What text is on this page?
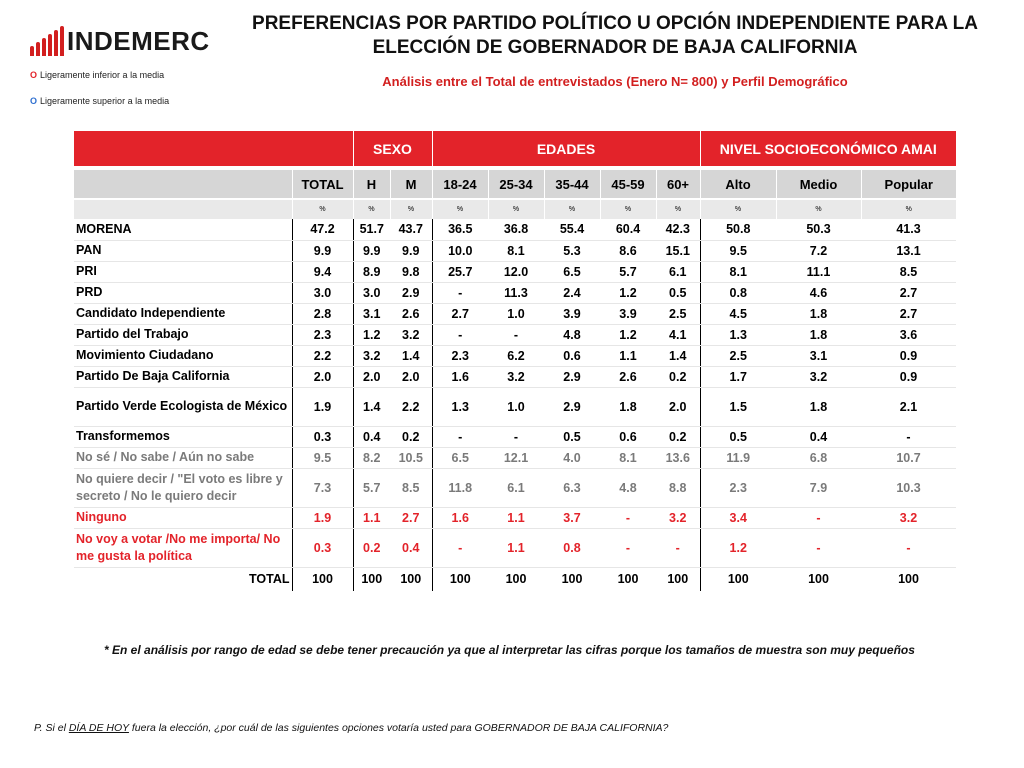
INDEMERC
O Ligeramente inferior a la media
O Ligeramente superior a la media
PREFERENCIAS POR PARTIDO POLÍTICO U OPCIÓN INDEPENDIENTE PARA LA
ELECCIÓN DE GOBERNADOR DE BAJA CALIFORNIA
Análisis entre el Total de entrevistados (Enero N= 800) y Perfil Demográfico
		SEXO		EDADES					NIVEL SOCIOECONÓMICO AMAI		
	TOTAL	H	M	18-24	25-34	35-44	45-59	60+	Alto	Medio	Popular
	%	%	%	%	%	%	%	%	%	%	%
MORENA	47.2	51.7	43.7	36.5	36.8	55.4	60.4	42.3	50.8	50.3	41.3
PAN	9.9	9.9	9.9	10.0	8.1	5.3	8.6	15.1	9.5	7.2	13.1
PRI	9.4	8.9	9.8	25.7	12.0	6.5	5.7	6.1	8.1	11.1	8.5
PRD	3.0	3.0	2.9	-	11.3	2.4	1.2	0.5	0.8	4.6	2.7
Candidato Independiente	2.8	3.1	2.6	2.7	1.0	3.9	3.9	2.5	4.5	1.8	2.7
Partido del Trabajo	2.3	1.2	3.2	-	-	4.8	1.2	4.1	1.3	1.8	3.6
Movimiento Ciudadano	2.2	3.2	1.4	2.3	6.2	0.6	1.1	1.4	2.5	3.1	0.9
Partido De Baja California	2.0	2.0	2.0	1.6	3.2	2.9	2.6	0.2	1.7	3.2	0.9
Partido Verde Ecologista de México	1.9	1.4	2.2	1.3	1.0	2.9	1.8	2.0	1.5	1.8	2.1
Transformemos	0.3	0.4	0.2	-	-	0.5	0.6	0.2	0.5	0.4	-
No sé / No sabe / Aún no sabe	9.5	8.2	10.5	6.5	12.1	4.0	8.1	13.6	11.9	6.8	10.7
No quiere decir / "El voto es libre y secreto / No le quiero decir	7.3	5.7	8.5	11.8	6.1	6.3	4.8	8.8	2.3	7.9	10.3
Ninguno	1.9	1.1	2.7	1.6	1.1	3.7	-	3.2	3.4	-	3.2
No voy a votar /No me importa/ No me gusta la política	0.3	0.2	0.4	-	1.1	0.8	-	-	1.2	-	-
TOTAL	100	100	100	100	100	100	100	100	100	100	100
* En el análisis por rango de edad se debe tener precaución ya que al interpretar las cifras porque los tamaños de muestra son muy pequeños
P. Si el DÍA DE HOY fuera la elección, ¿por cuál de las siguientes opciones votaría usted para GOBERNADOR DE BAJA CALIFORNIA?
